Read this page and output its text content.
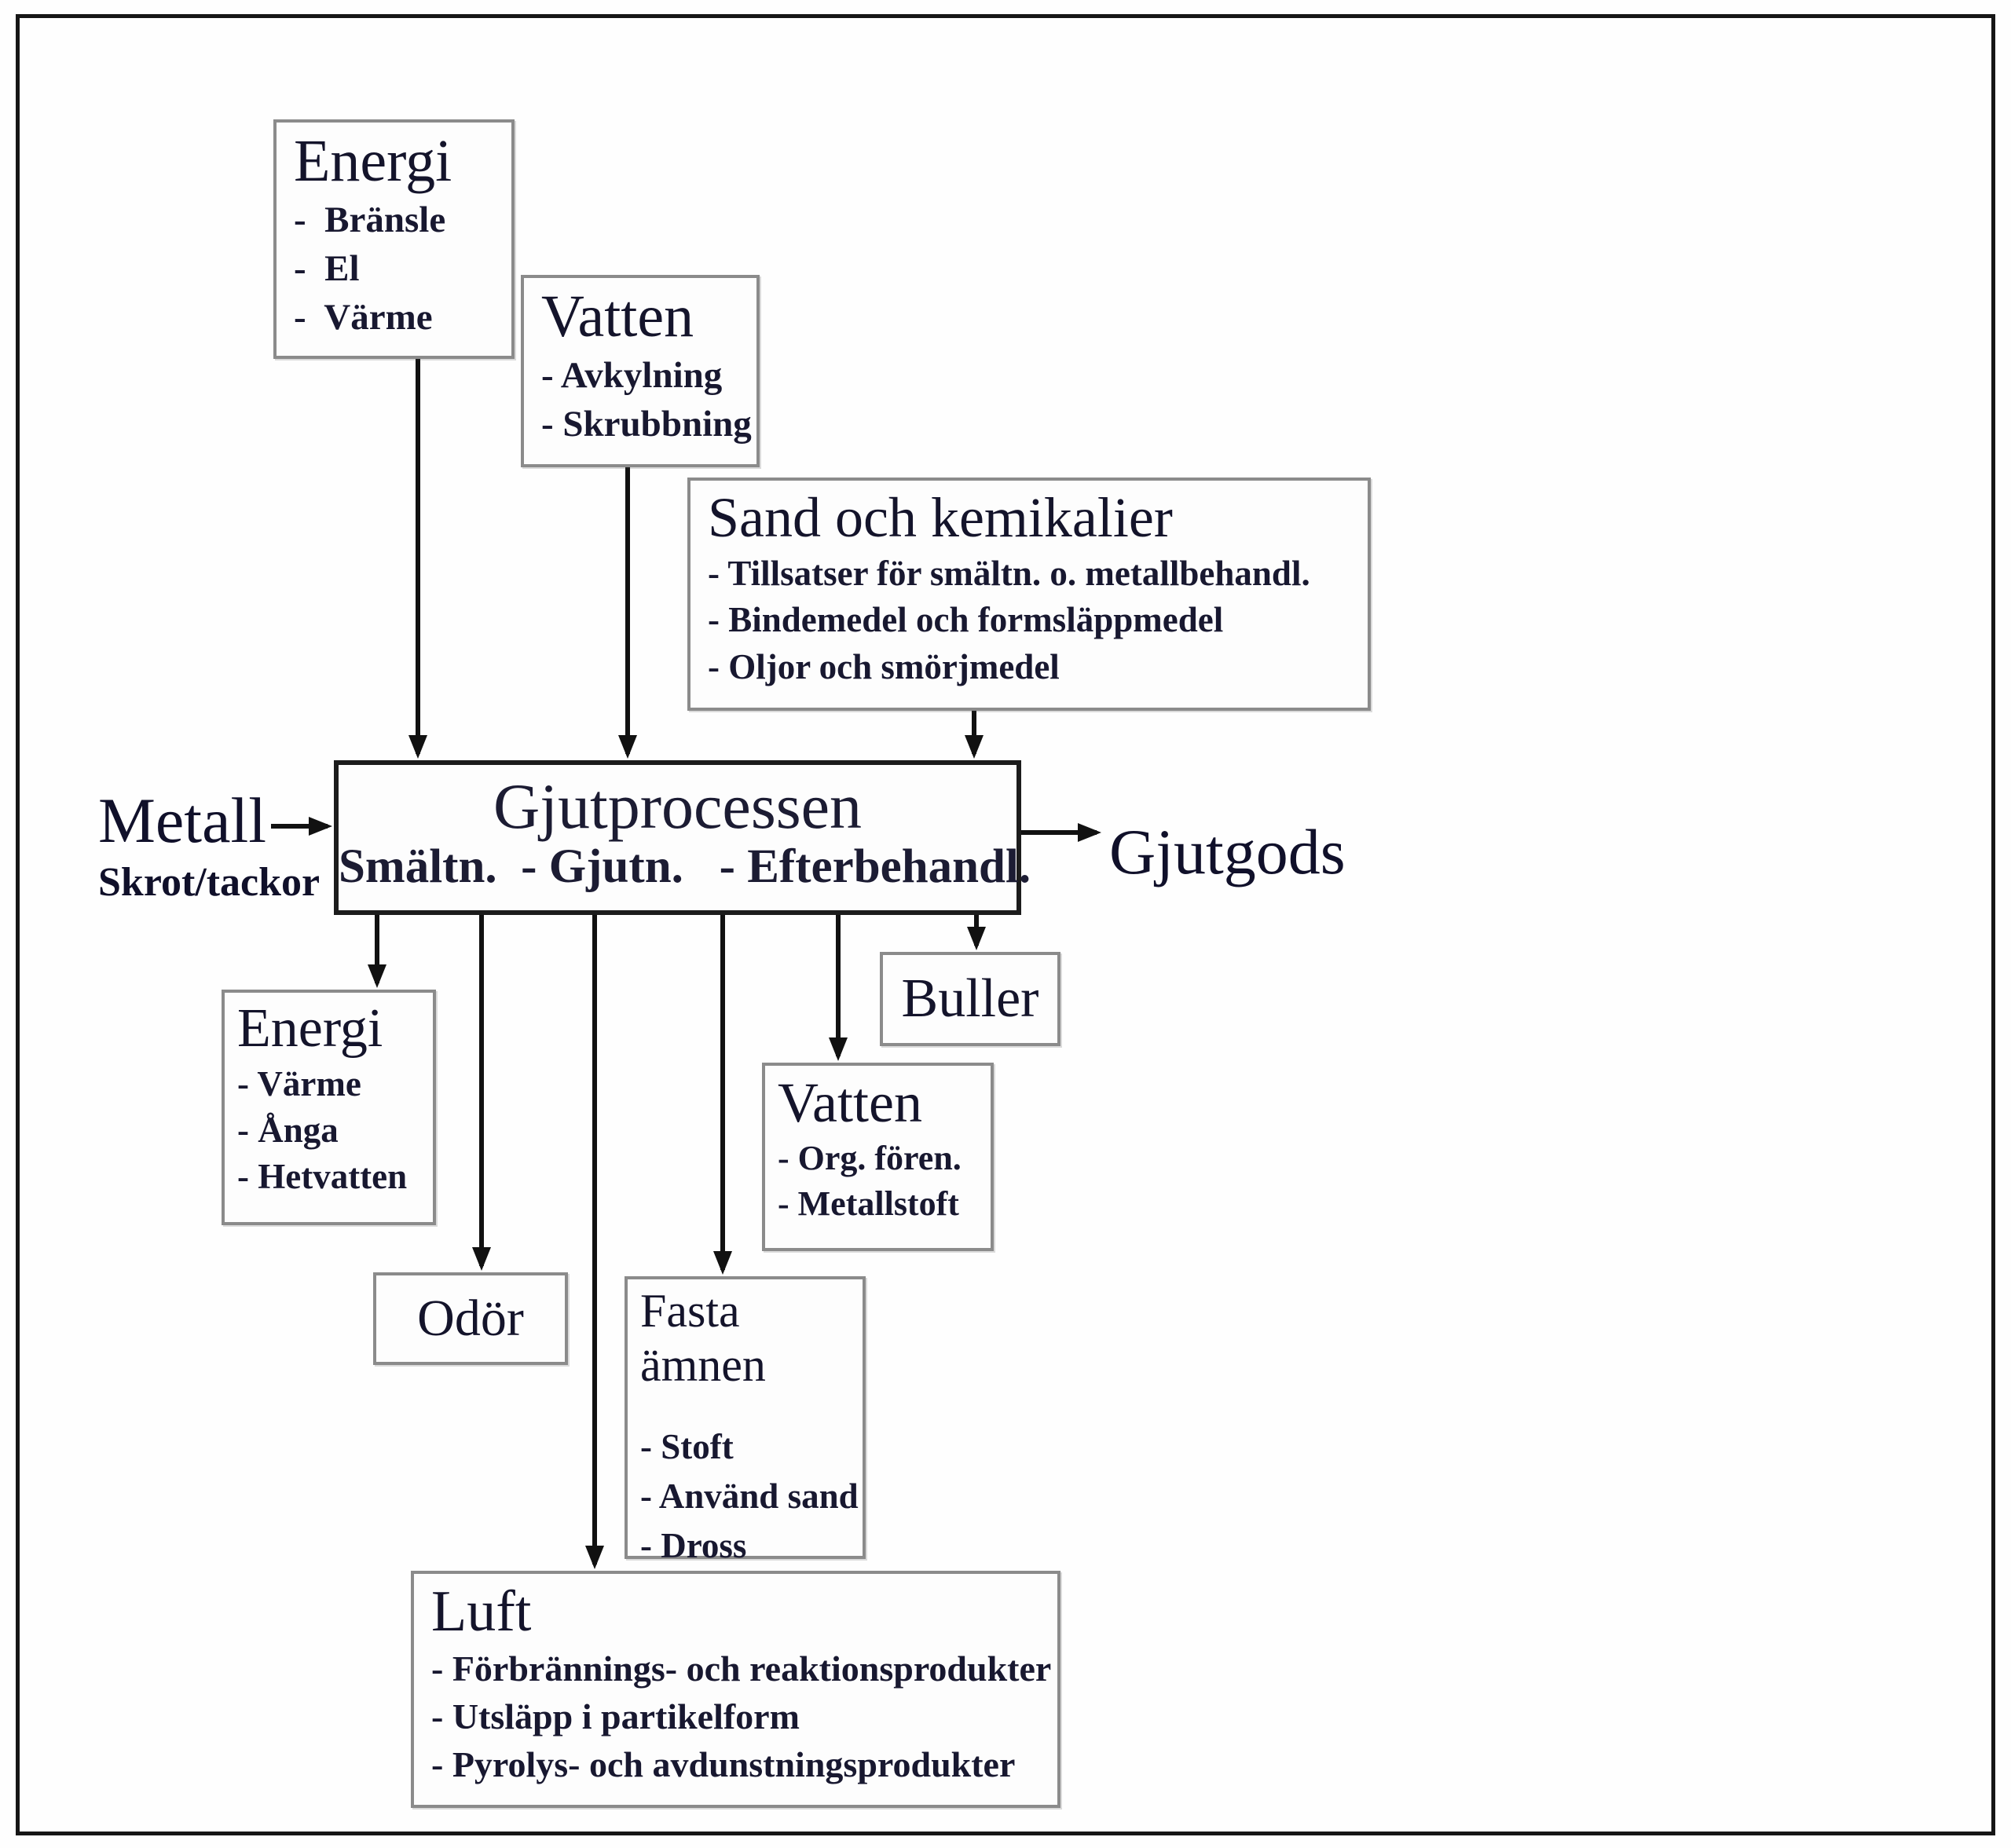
Energi
-  Bränsle
-  El
-  Värme	Vatten
- Avkylning
- Skrubbning
Sand och kemikalier
- Tillsatser för smältn. o. metallbehandl.
- Bindemedel och formsläppmedel
- Oljor och smörjmedel
Gjutprocessen
Smältn.  - Gjutn.   - Efterbehandl.
Metall
Skrot/tackor	Gjutgods
Energi
- Värme
- Ånga
- Hetvatten
Buller
Vatten
- Org. fören.
- Metallstoft
Odör	Fasta ämnen
- Stoft
- Använd sand
- Dross
Luft
- Förbrännings- och reaktionsprodukter
- Utsläpp i partikelform
- Pyrolys- och avdunstningsprodukter
